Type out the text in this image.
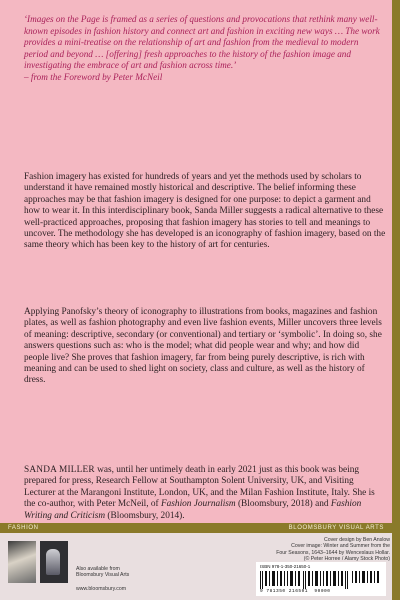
‘Images on the Page is framed as a series of questions and provocations that rethink many well-known episodes in fashion history and connect art and fashion in exciting new ways … The work provides a mini-treatise on the relationship of art and fashion from the medieval to modern period and beyond … [offering] fresh approaches to the history of the fashion image and investigating the embrace of art and fashion across time.’
– from the Foreword by Peter McNeil

Fashion imagery has existed for hundreds of years and yet the methods used by scholars to understand it have remained mostly historical and descriptive. The belief informing these approaches may be that fashion imagery is designed for one purpose: to depict a garment and how to wear it. In this interdisciplinary book, Sanda Miller suggests a radical alternative to these well-practiced approaches, proposing that fashion imagery has stories to tell and meanings to uncover. The methodology she has developed is an iconography of fashion imagery, based on the same theory which has been key to the history of art for centuries.

Applying Panofsky’s theory of iconography to illustrations from books, magazines and fashion plates, as well as fashion photography and even live fashion events, Miller uncovers three levels of meaning: descriptive, secondary (or conventional) and tertiary or ‘symbolic’. In doing so, she answers questions such as: who is the model; what did people wear and why; and how did people live? She proves that fashion imagery, far from being purely descriptive, is rich with meaning and can be used to shed light on society, class and culture, as well as the history of dress.

SANDA MILLER was, until her untimely death in early 2021 just as this book was being prepared for press, Research Fellow at Southampton Solent University, UK, and Visiting Lecturer at the Marangoni Institute, London, UK, and the Milan Fashion Institute, Italy. She is the co-author, with Peter McNeil, of Fashion Journalism (Bloomsbury, 2018) and Fashion Writing and Criticism (Bloomsbury, 2014).

FASHION	BLOOMSBURY VISUAL ARTS
Also available from
Bloomsbury Visual Arts
www.bloomsbury.com
Cover design by Ben Anslow
Cover image: Winter and Summer from the
Four Seasons, 1643–1644 by Wenceslaus Hollar.
(© Peter Horree / Alamy Stock Photo)
ISBN 978-1-350-21650-1
9 781350 216501 90000
